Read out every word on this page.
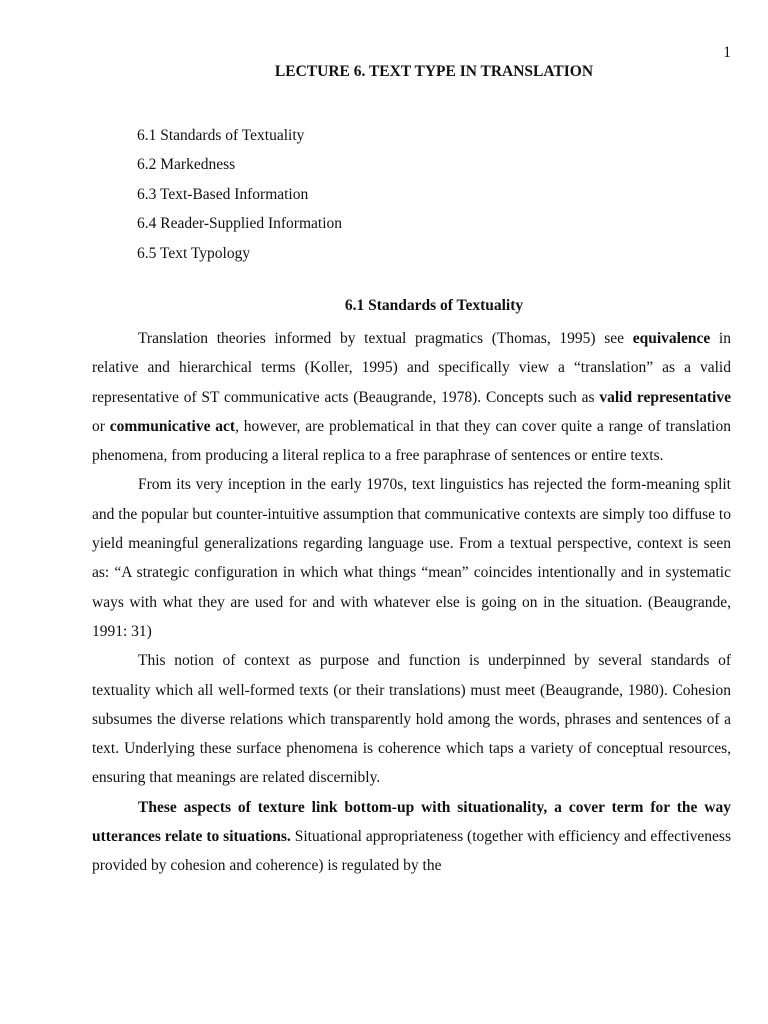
1
LECTURE 6. TEXT TYPE IN TRANSLATION
6.1 Standards of Textuality
6.2 Markedness
6.3 Text-Based Information
6.4 Reader-Supplied Information
6.5 Text Typology
6.1 Standards of Textuality

Translation theories informed by textual pragmatics (Thomas, 1995) see equivalence in relative and hierarchical terms (Koller, 1995) and specifically view a “translation” as a valid representative of ST communicative acts (Beaugrande, 1978). Concepts such as valid representative or communicative act, however, are problematical in that they can cover quite a range of translation phenomena, from producing a literal replica to a free paraphrase of sentences or entire texts.

From its very inception in the early 1970s, text linguistics has rejected the form-meaning split and the popular but counter-intuitive assumption that communicative contexts are simply too diffuse to yield meaningful generalizations regarding language use. From a textual perspective, context is seen as: “A strategic configuration in which what things “mean” coincides intentionally and in systematic ways with what they are used for and with whatever else is going on in the situation. (Beaugrande, 1991: 31)

This notion of context as purpose and function is underpinned by several standards of textuality which all well-formed texts (or their translations) must meet (Beaugrande, 1980). Cohesion subsumes the diverse relations which transparently hold among the words, phrases and sentences of a text. Underlying these surface phenomena is coherence which taps a variety of conceptual resources, ensuring that meanings are related discernibly.

These aspects of texture link bottom-up with situationality, a cover term for the way utterances relate to situations. Situational appropriateness (together with efficiency and effectiveness provided by cohesion and coherence) is regulated by the
